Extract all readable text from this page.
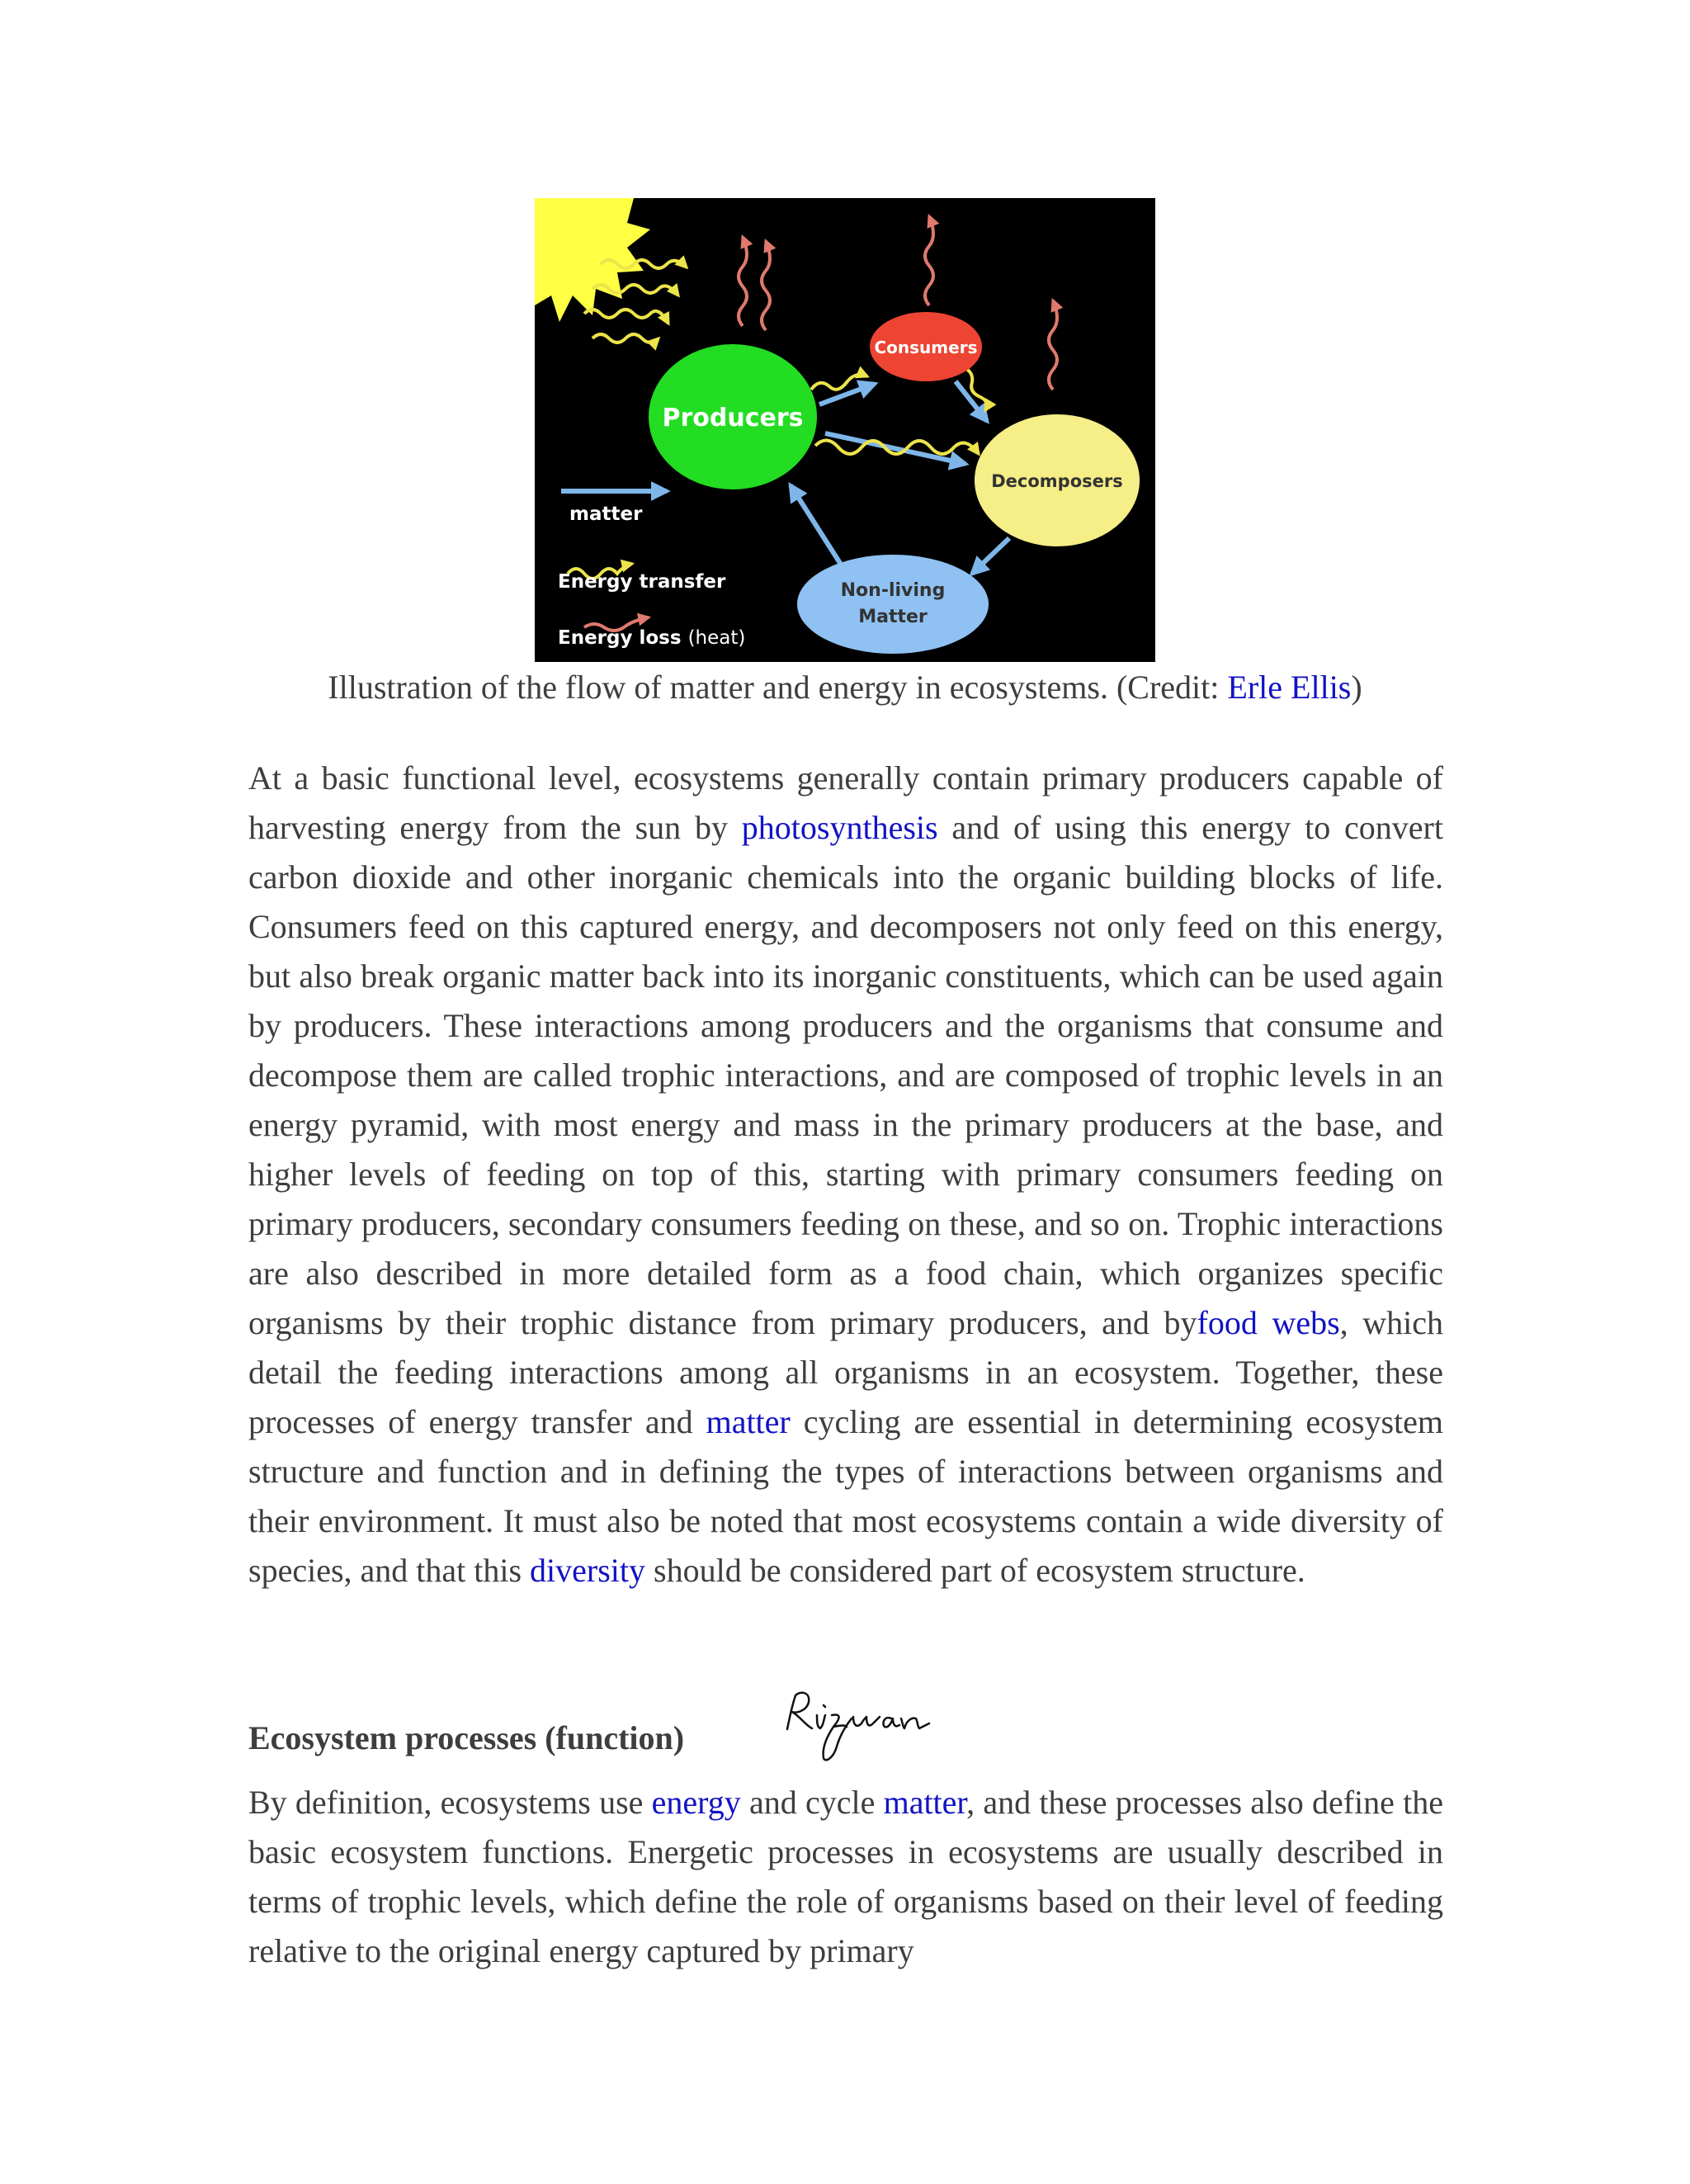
Producers
Consumers
Decomposers
Non-living
Matter
matter
Energy transfer
Energy loss (heat)
Illustration of the flow of matter and energy in ecosystems. (Credit: Erle Ellis)
At a basic functional level, ecosystems generally contain primary producers capable of harvesting energy from the sun by photosynthesis and of using this energy to convert carbon dioxide and other inorganic chemicals into the organic building blocks of life. Consumers feed on this captured energy, and decomposers not only feed on this energy, but also break organic matter back into its inorganic constituents, which can be used again by producers. These interactions among producers and the organisms that consume and decompose them are called trophic interactions, and are composed of trophic levels in an energy pyramid, with most energy and mass in the primary producers at the base, and higher levels of feeding on top of this, starting with primary consumers feeding on primary producers, secondary consumers feeding on these, and so on. Trophic interactions are also described in more detailed form as a food chain, which organizes specific organisms by their trophic distance from primary producers, and byfood webs, which detail the feeding interactions among all organisms in an ecosystem. Together, these processes of energy transfer and matter cycling are essential in determining ecosystem structure and function and in defining the types of interactions between organisms and their environment. It must also be noted that most ecosystems contain a wide diversity of species, and that this diversity should be considered part of ecosystem structure.
Ecosystem processes (function)
By definition, ecosystems use energy and cycle matter, and these processes also define the basic ecosystem functions. Energetic processes in ecosystems are usually described in terms of trophic levels, which define the role of organisms based on their level of feeding relative to the original energy captured by primary
